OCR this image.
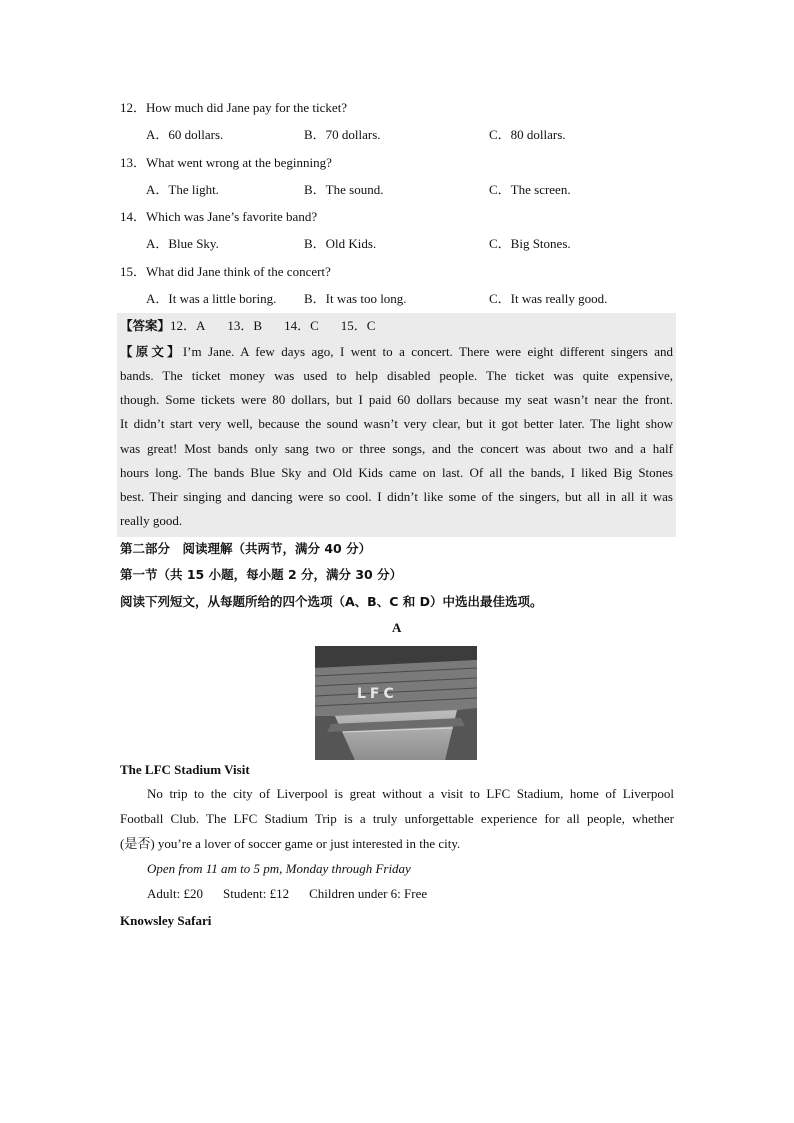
12．How much did Jane pay for the ticket?
A．60 dollars.	B．70 dollars.	C．80 dollars.
13．What went wrong at the beginning?
A．The light.	B．The sound.	C．The screen.
14．Which was Jane’s favorite band?
A．Blue Sky.	B．Old Kids.	C．Big Stones.
15．What did Jane think of the concert?
A．It was a little boring. B．It was too long.	C．It was really good.
【答案】12．A 13．B 14．C 15．C
【原文】I’m Jane. A few days ago, I went to a concert. There were eight different singers and
bands. The ticket money was used to help disabled people. The ticket was quite expensive,
though. Some tickets were 80 dollars, but I paid 60 dollars because my seat wasn’t near the front.
It didn’t start very well, because the sound wasn’t very clear, but it got better later. The light show
was great! Most bands only sang two or three songs, and the concert was about two and a half
hours long. The bands Blue Sky and Old Kids came on last. Of all the bands, I liked Big Stones
best. Their singing and dancing were so cool. I didn’t like some of the singers, but all in all it was
really good.
第二部分　阅读理解（共两节，满分 40 分）
第一节（共 15 小题，每小题 2 分，满分 30 分）
阅读下列短文，从每题所给的四个选项（A、B、C 和 D）中选出最佳选项。
A
LFC
The LFC Stadium Visit
No trip to the city of Liverpool is great without a visit to LFC Stadium, home of Liverpool
Football Club. The LFC Stadium Trip is a truly unforgettable experience for all people, whether
(是否) you’re a lover of soccer game or just interested in the city.
Open from 11 am to 5 pm, Monday through Friday
Adult: £20 Student: £12 Children under 6: Free
Knowsley Safari
